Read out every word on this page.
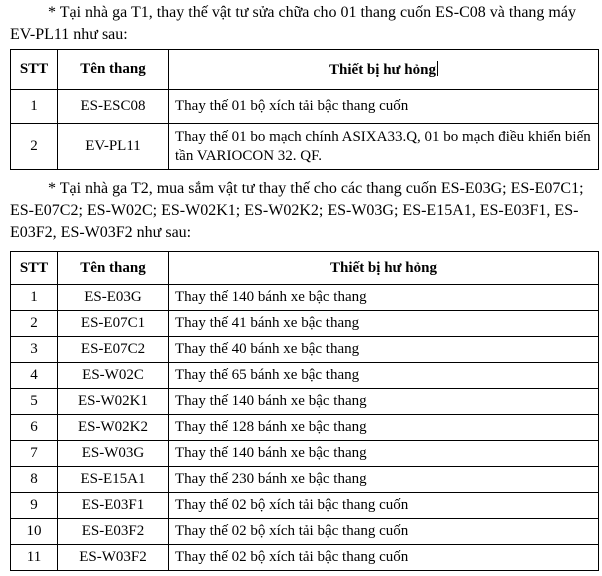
* Tại nhà ga T1, thay thế vật tư sửa chữa cho 01 thang cuốn ES-C08 và thang máy EV-PL11 như sau:

STT	Tên thang	Thiết bị hư hỏng
1	ES-ESC08	Thay thế 01 bộ xích tải bậc thang cuốn
2	EV-PL11	Thay thế 01 bo mạch chính ASIXA33.Q, 01 bo mạch điều khiển biến tần VARIOCON 32. QF.

* Tại nhà ga T2, mua sắm vật tư thay thế cho các thang cuốn ES-E03G; ES-E07C1; ES-E07C2; ES-W02C; ES-W02K1; ES-W02K2; ES-W03G; ES-E15A1, ES-E03F1, ES-E03F2, ES-W03F2 như sau:

STT	Tên thang	Thiết bị hư hỏng
1	ES-E03G	Thay thế 140 bánh xe bậc thang
2	ES-E07C1	Thay thế 41 bánh xe bậc thang
3	ES-E07C2	Thay thế 40 bánh xe bậc thang
4	ES-W02C	Thay thế 65 bánh xe bậc thang
5	ES-W02K1	Thay thế 140 bánh xe bậc thang
6	ES-W02K2	Thay thế 128 bánh xe bậc thang
7	ES-W03G	Thay thế 140 bánh xe bậc thang
8	ES-E15A1	Thay thế 230 bánh xe bậc thang
9	ES-E03F1	Thay thế 02 bộ xích tải bậc thang cuốn
10	ES-E03F2	Thay thế 02 bộ xích tải bậc thang cuốn
11	ES-W03F2	Thay thế 02 bộ xích tải bậc thang cuốn
